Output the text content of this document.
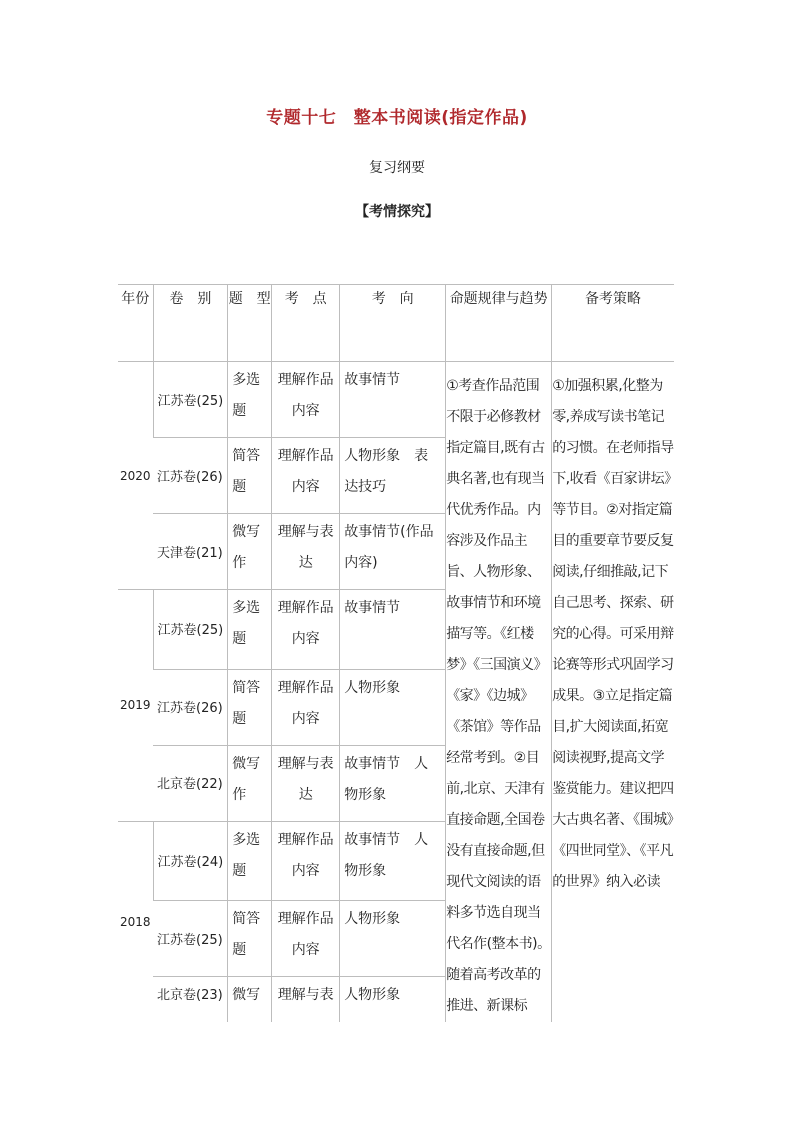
专题十七　整本书阅读(指定作品)
复习纲要
【考情探究】
年份	卷　别	题　型	考　点	考　向	命题规律与趋势	备考策略
2020	江苏卷(25)	多选题	理解作品内容	故事情节	①考查作品范围不限于必修教材指定篇目,既有古典名著,也有现当代优秀作品。内容涉及作品主旨、人物形象、故事情节和环境描写等。《红楼梦》《三国演义》《家》《边城》《茶馆》等作品经常考到。②目前,北京、天津有直接命题,全国卷没有直接命题,但现代文阅读的语料多节选自现当代名作(整本书)。随着高考改革的推进、新课标	①加强积累,化整为零,养成写读书笔记的习惯。在老师指导下,收看《百家讲坛》等节目。②对指定篇目的重要章节要反复阅读,仔细推敲,记下自己思考、探索、研究的心得。可采用辩论赛等形式巩固学习成果。③立足指定篇目,扩大阅读面,拓宽阅读视野,提高文学鉴赏能力。建议把四大古典名著、《围城》《四世同堂》、《平凡的世界》纳入必读

	江苏卷(26)	简答题	理解作品内容	人物形象　表达技巧		

	天津卷(21)	微写作	理解与表达	故事情节(作品内容)		

2019	江苏卷(25)	多选题	理解作品内容	故事情节		

	江苏卷(26)	简答题	理解作品内容	人物形象		

	北京卷(22)	微写作	理解与表达	故事情节　人物形象		

2018	江苏卷(24)	多选题	理解作品内容	故事情节　人物形象		

	江苏卷(25)	简答题	理解作品内容	人物形象		

	北京卷(23)	微写	理解与表	人物形象		
